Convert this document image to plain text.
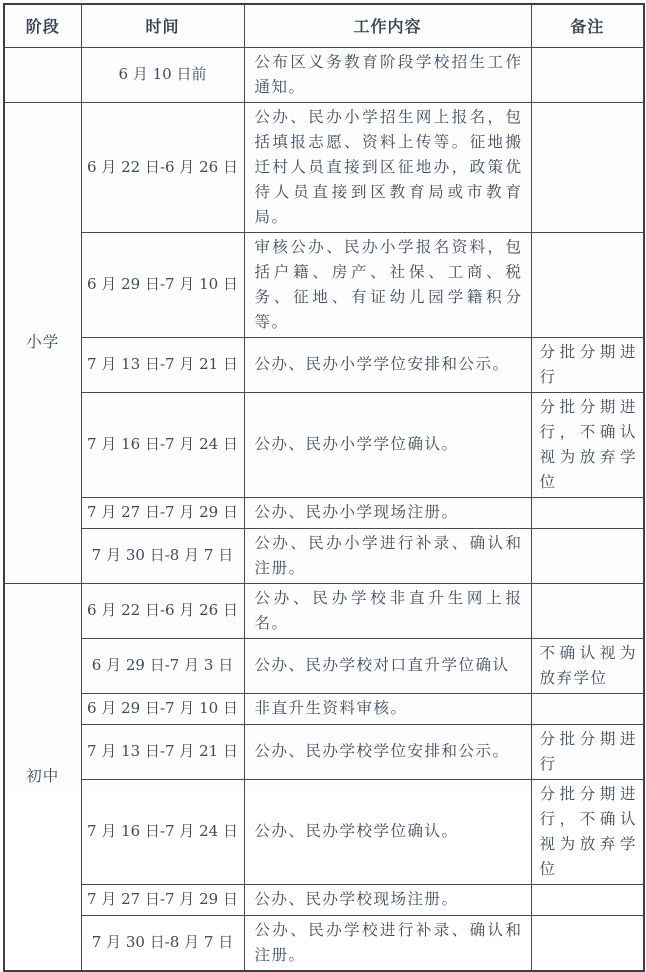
阶段	时间	工作内容	备注
	6 月 10 日前	公布区义务教育阶段学校招生工作通知。	
小学	6 月 22 日-6 月 26 日	公办、民办小学招生网上报名，包括填报志愿、资料上传等。征地搬迁村人员直接到区征地办，政策优待人员直接到区教育局或市教育局。	
	6 月 29 日-7 月 10 日	审核公办、民办小学报名资料，包括户籍、房产、社保、工商、税务、征地、有证幼儿园学籍积分等。	
	7 月 13 日-7 月 21 日	公办、民办小学学位安排和公示。	分批分期进行
	7 月 16 日-7 月 24 日	公办、民办小学学位确认。	分批分期进行，不确认视为放弃学位
	7 月 27 日-7 月 29 日	公办、民办小学现场注册。	
	7 月 30 日-8 月 7 日	公办、民办小学进行补录、确认和注册。	
初中	6 月 22 日-6 月 26 日	公办、民办学校非直升生网上报名。	
	6 月 29 日-7 月 3 日	公办、民办学校对口直升学位确认	不确认视为放弃学位
	6 月 29 日-7 月 10 日	非直升生资料审核。	
	7 月 13 日-7 月 21 日	公办、民办学校学位安排和公示。	分批分期进行
	7 月 16 日-7 月 24 日	公办、民办学校学位确认。	分批分期进行，不确认视为放弃学位
	7 月 27 日-7 月 29 日	公办、民办学校现场注册。	
	7 月 30 日-8 月 7 日	公办、民办学校进行补录、确认和注册。	
